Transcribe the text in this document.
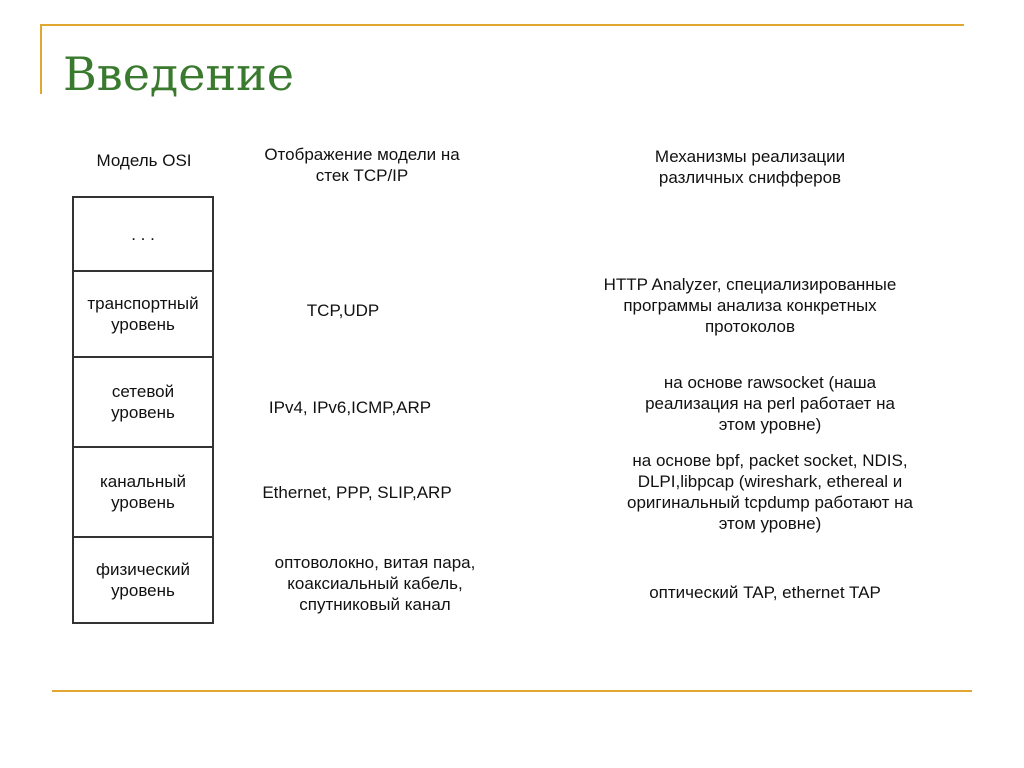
Введение
Модель OSI	Отображение модели на
стек TCP/IP
Механизмы реализации
различных снифферов
. . .
транспортный
уровень
сетевой
уровень
канальный
уровень
физический
уровень
TCP,UDP
IPv4, IPv6,ICMP,ARP
Ethernet, PPP, SLIP,ARP
оптоволокно, витая пара,
коаксиальный кабель,
спутниковый канал
HTTP Analyzer, специализированные
программы анализа конкретных
протоколов
на основе rawsocket (наша
реализация на perl работает на
этом уровне)
на основе bpf, packet socket, NDIS,
DLPI,libpcap (wireshark, ethereal и
оригинальный tcpdump работают на
этом уровне)
оптический TAP, ethernet TAP
